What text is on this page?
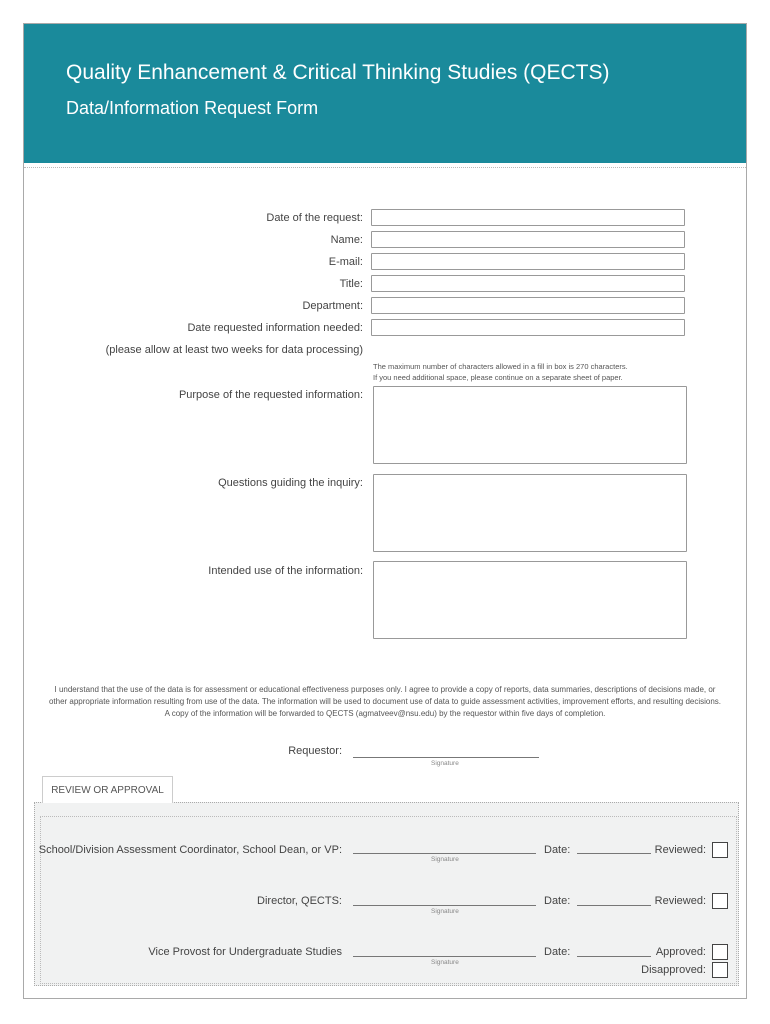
Quality Enhancement & Critical Thinking Studies (QECTS)
Data/Information Request Form
Date of the request:
Name:
E-mail:
Title:
Department:
Date requested information needed:
(please allow at least two weeks for data processing)
The maximum number of characters allowed in a fill in box is 270 characters.
If you need additional space, please continue on a separate sheet of paper.
Purpose of the requested information:
Questions guiding the inquiry:
Intended use of the information:
I understand that the use of the data is for assessment or educational effectiveness purposes only. I agree to provide a copy of reports, data summaries, descriptions of decisions made, or
other appropriate information resulting from use of the data. The information will be used to document use of data to guide assessment activities, improvement efforts, and resulting decisions.
A copy of the information will be forwarded to QECTS (agmatveev@nsu.edu) by the requestor within five days of completion.
Requestor:
Signature
REVIEW OR APPROVAL
School/Division Assessment Coordinator, School Dean, or VP:
Signature
Date:	Reviewed:
Director, QECTS:
Signature
Date:	Reviewed:
Vice Provost for Undergraduate Studies
Signature
Date:	Approved:
Disapproved:
